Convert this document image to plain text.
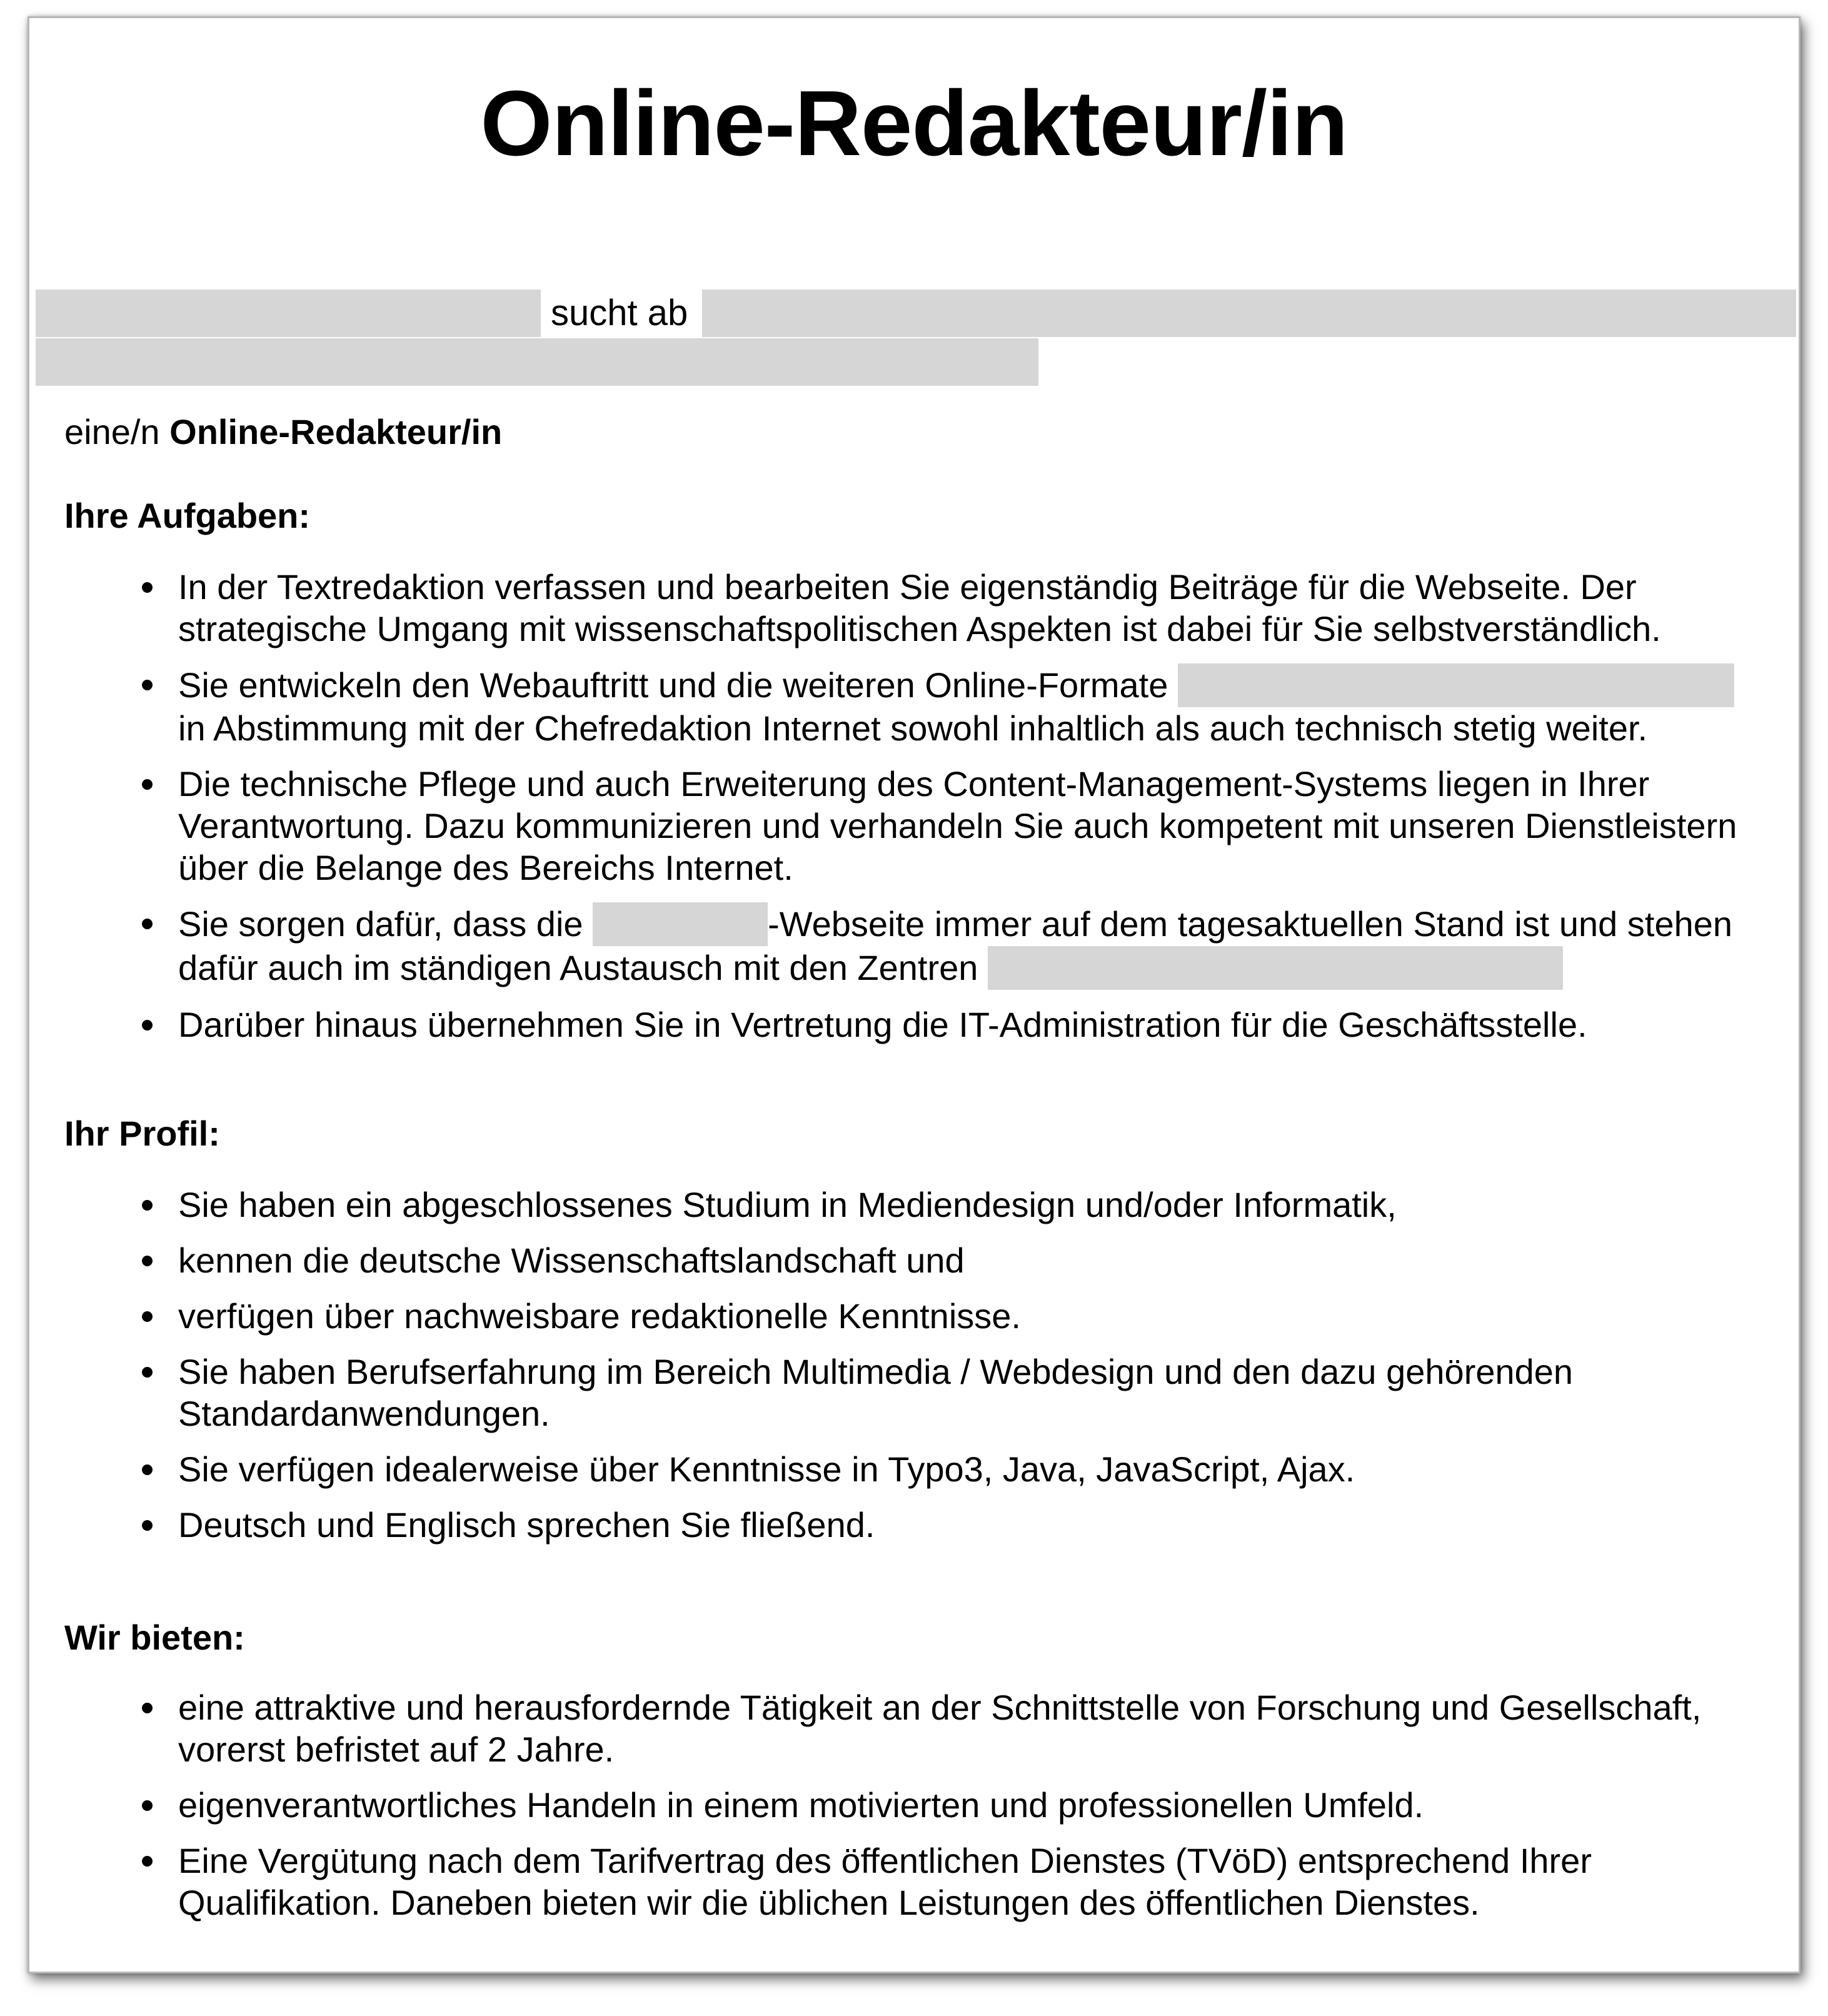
Online-Redakteur/in
sucht ab
eine/n Online-Redakteur/in
Ihre Aufgaben:
In der Textredaktion verfassen und bearbeiten Sie eigenständig Beiträge für die Webseite. Der strategische Umgang mit wissenschaftspolitischen Aspekten ist dabei für Sie selbstverständlich.
Sie entwickeln den Webauftritt und die weiteren Online-Formate  in Abstimmung mit der Chefredaktion Internet sowohl inhaltlich als auch technisch stetig weiter.
Die technische Pflege und auch Erweiterung des Content-Management-Systems liegen in Ihrer Verantwortung. Dazu kommunizieren und verhandeln Sie auch kompetent mit unseren Dienstleistern über die Belange des Bereichs Internet.
Sie sorgen dafür, dass die	-Webseite immer auf dem tagesaktuellen Stand ist und stehen dafür auch im ständigen Austausch mit den Zentren
Darüber hinaus übernehmen Sie in Vertretung die IT-Administration für die Geschäftsstelle.
Ihr Profil:
Sie haben ein abgeschlossenes Studium in Mediendesign und/oder Informatik,
kennen die deutsche Wissenschaftslandschaft und
verfügen über nachweisbare redaktionelle Kenntnisse.
Sie haben Berufserfahrung im Bereich Multimedia / Webdesign und den dazu gehörenden Standardanwendungen.
Sie verfügen idealerweise über Kenntnisse in Typo3, Java, JavaScript, Ajax.
Deutsch und Englisch sprechen Sie fließend.
Wir bieten:
eine attraktive und herausfordernde Tätigkeit an der Schnittstelle von Forschung und Gesellschaft, vorerst befristet auf 2 Jahre.
eigenverantwortliches Handeln in einem motivierten und professionellen Umfeld.
Eine Vergütung nach dem Tarifvertrag des öffentlichen Dienstes (TVöD) entsprechend Ihrer Qualifikation. Daneben bieten wir die üblichen Leistungen des öffentlichen Dienstes.
